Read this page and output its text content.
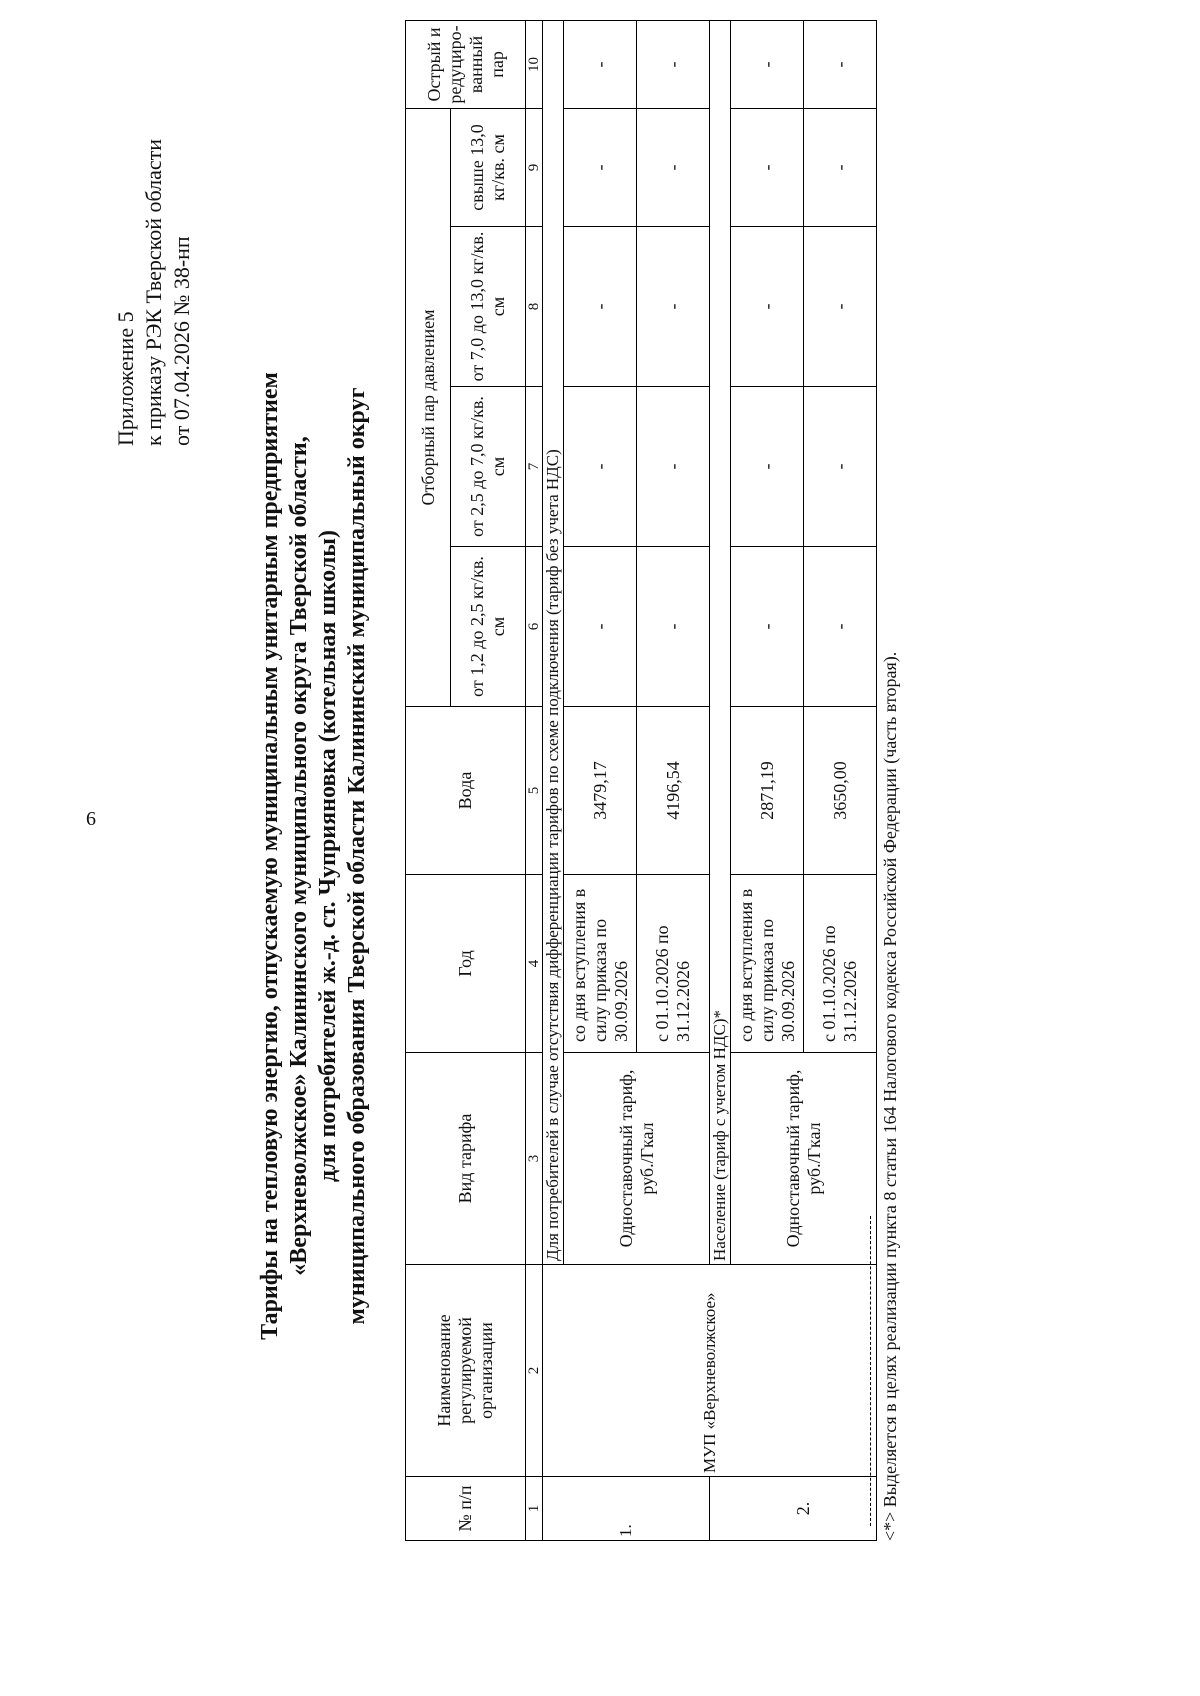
6
Приложение 5 к приказу РЭК Тверской области от 07.04.2026 № 38-нп
Тарифы на тепловую энергию, отпускаемую муниципальным унитарным предприятием «Верхневолжское» Калининского муниципального округа Тверской области, для потребителей ж.-д. ст. Чуприяновка (котельная школы) муниципального образования Тверской области Калининский муниципальный округ
№ п/п	Наименование регулируемой организации	Вид тарифа	Год	Вода	Отборный пар давлением				Острый и редуциро-ванный пар
					от 1,2 до 2,5 кг/кв. см	от 2,5 до 7,0 кг/кв. см	от 7,0 до 13,0 кг/кв. см	свыше 13,0 кг/кв. см	
1	2	3	4	5	6	7	8	9	10
1.	МУП «Верхневолжское»	Для потребителей в случае отсутствия дифференциации тарифов по схеме подключения (тариф без учета НДС)							
		Одноставочный тариф, руб./Гкал	со дня вступления в силу приказа по 30.09.2026	3479,17	-	-	-	-	-
			с 01.10.2026 по 31.12.2026	4196,54	-	-	-	-	-
		Население (тариф с учетом НДС)*							
2.		Одноставочный тариф, руб./Гкал	со дня вступления в силу приказа по 30.09.2026	2871,19	-	-	-	-	-
			с 01.10.2026 по 31.12.2026	3650,00	-	-	-	-	-
<*> Выделяется в целях реализации пункта 8 статьи 164 Налогового кодекса Российской Федерации (часть вторая).
